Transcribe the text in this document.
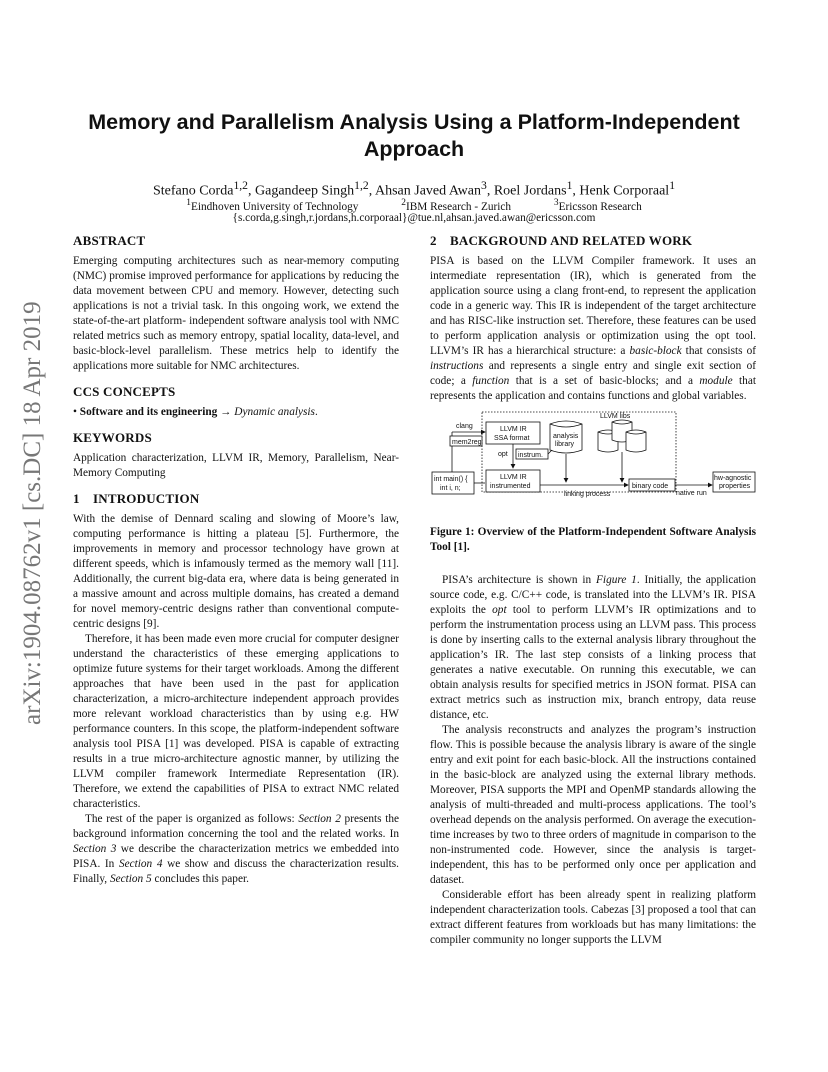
arXiv:1904.08762v1 [cs.DC] 18 Apr 2019
Memory and Parallelism Analysis Using a Platform-Independent
Approach
Stefano Corda$^{1,2}$, Gagandeep Singh$^{1,2}$, Ahsan Javed Awan$^3$, Roel Jordans$^1$, Henk Corporaal$^1$
$^1$Eindhoven University of Technology	$^2$IBM Research - Zurich	$^3$Ericsson Research
{s.corda,g.singh,r.jordans,h.corporaal}@tue.nl,ahsan.javed.awan@ericsson.com
ABSTRACT

Emerging computing architectures such as near-memory computing (NMC) promise improved performance for applications by reducing the data movement between CPU and memory. However, detecting such applications is not a trivial task. In this ongoing work, we extend the state-of-the-art platform- independent software analysis tool with NMC related metrics such as memory entropy, spatial locality, data-level, and basic-block-level parallelism. These metrics help to identify the applications more suitable for NMC architectures.

CCS CONCEPTS

• Software and its engineering → Dynamic analysis.

KEYWORDS

Application characterization, LLVM IR, Memory, Parallelism, Near-Memory Computing

1 INTRODUCTION

With the demise of Dennard scaling and slowing of Moore’s law, computing performance is hitting a plateau [5]. Furthermore, the improvements in memory and processor technology have grown at different speeds, which is infamously termed as the memory wall [11]. Additionally, the current big-data era, where data is being generated in a massive amount and across multiple domains, has created a demand for novel memory-centric designs rather than conventional compute-centric designs [9].

Therefore, it has been made even more crucial for computer designer understand the characteristics of these emerging applications to optimize future systems for their target workloads. Among the different approaches that have been used in the past for application characterization, a micro-architecture independent approach provides more relevant workload characteristics than by using e.g. HW performance counters. In this scope, the platform-independent software analysis tool PISA [1] was developed. PISA is capable of extracting results in a true micro-architecture agnostic manner, by utilizing the LLVM compiler framework Intermediate Representation (IR). Therefore, we extend the capabilities of PISA to extract NMC related characteristics.

The rest of the paper is organized as follows: Section 2 presents the background information concerning the tool and the related works. In Section 3 we describe the characterization metrics we embedded into PISA. In Section 4 we show and discuss the characterization results. Finally, Section 5 concludes this paper.

2 BACKGROUND AND RELATED WORK

PISA is based on the LLVM Compiler framework. It uses an intermediate representation (IR), which is generated from the application source using a clang front-end, to represent the application code in a generic way. This IR is independent of the target architecture and has RISC-like instruction set. Therefore, these features can be used to perform application analysis or optimization using the opt tool. LLVM’s IR has a hierarchical structure: a basic-block that consists of instructions and represents a single entry and single exit section of code; a function that is a set of basic-blocks; and a module that represents the application and contains functions and global variables.

LLVM libs
int main() {
int i, n;
clang
mem2reg
LLVM IR
SSA format
opt instrum.
analysis
library
LLVM IR
instrumented
linking process
binary code
native run
hw-agnostic
properties

Figure 1: Overview of the Platform-Independent Software Analysis Tool [1].

PISA’s architecture is shown in Figure 1. Initially, the application source code, e.g. C/C++ code, is translated into the LLVM’s IR. PISA exploits the opt tool to perform LLVM’s IR optimizations and to perform the instrumentation process using an LLVM pass. This process is done by inserting calls to the external analysis library throughout the application’s IR. The last step consists of a linking process that generates a native executable. On running this executable, we can obtain analysis results for specified metrics in JSON format. PISA can extract metrics such as instruction mix, branch entropy, data reuse distance, etc.

The analysis reconstructs and analyzes the program’s instruction flow. This is possible because the analysis library is aware of the single entry and exit point for each basic-block. All the instructions contained in the basic-block are analyzed using the external library methods. Moreover, PISA supports the MPI and OpenMP standards allowing the analysis of multi-threaded and multi-process applications. The tool’s overhead depends on the analysis performed. On average the execution-time increases by two to three orders of magnitude in comparison to the non-instrumented code. However, since the analysis is target-independent, this has to be performed only once per application and dataset.

Considerable effort has been already spent in realizing platform independent characterization tools. Cabezas [3] proposed a tool that can extract different features from workloads but has many limitations: the compiler community no longer supports the LLVM
